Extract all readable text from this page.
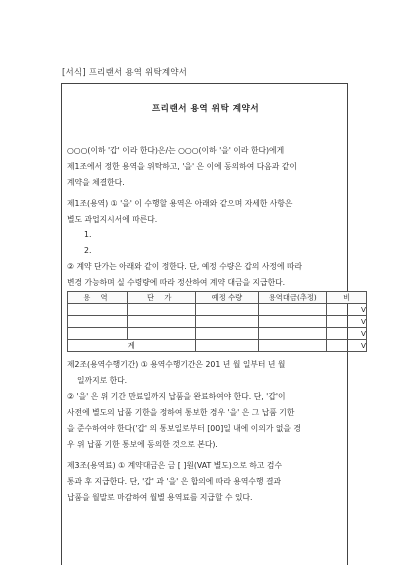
[서식] 프리랜서 용역 위탁계약서
프리랜서 용역 위탁 계약서
○○○(이하 '갑' 이라 한다)은/는 ○○○(이하 '을' 이라 한다)에게
제1조에서 정한 용역을 위탁하고, '을' 은 이에 동의하여 다음과 같이
계약을 체결한다.
제1조(용역) ① '을' 이 수행할 용역은 아래와 같으며 자세한 사항은
별도 과업지시서에 따른다.
1.
2.
② 계약 단가는 아래와 같이 정한다. 단, 예정 수량은 갑의 사정에 따라
변경 가능하며 실 수령량에 따라 정산하여 계약 대금을 지급한다.
용 역	단 가	예정 수량	용역대금(추정)	비
				V
				V
				V
계				V
제2조(용역수행기간) ① 용역수행기간은 201 년 월 일부터 년 월
일까지로 한다.
② '을' 은 위 기간 만료일까지 납품을 완료하여야 한다. 단, '갑'이
사전에 별도의 납품 기한을 정하여 통보한 경우 '을' 은 그 납품 기한
을 준수하여야 한다('갑' 의 통보일로부터 [00]일 내에 이의가 없을 경
우 위 납품 기한 통보에 동의한 것으로 본다).
제3조(용역료) ① 계약대금은 금 [ ]원(VAT 별도)으로 하고 검수
통과 후 지급한다. 단, '갑' 과 '을' 은 합의에 따라 용역수행 결과
납품을 월말로 마감하여 월별 용역료를 지급할 수 있다.
